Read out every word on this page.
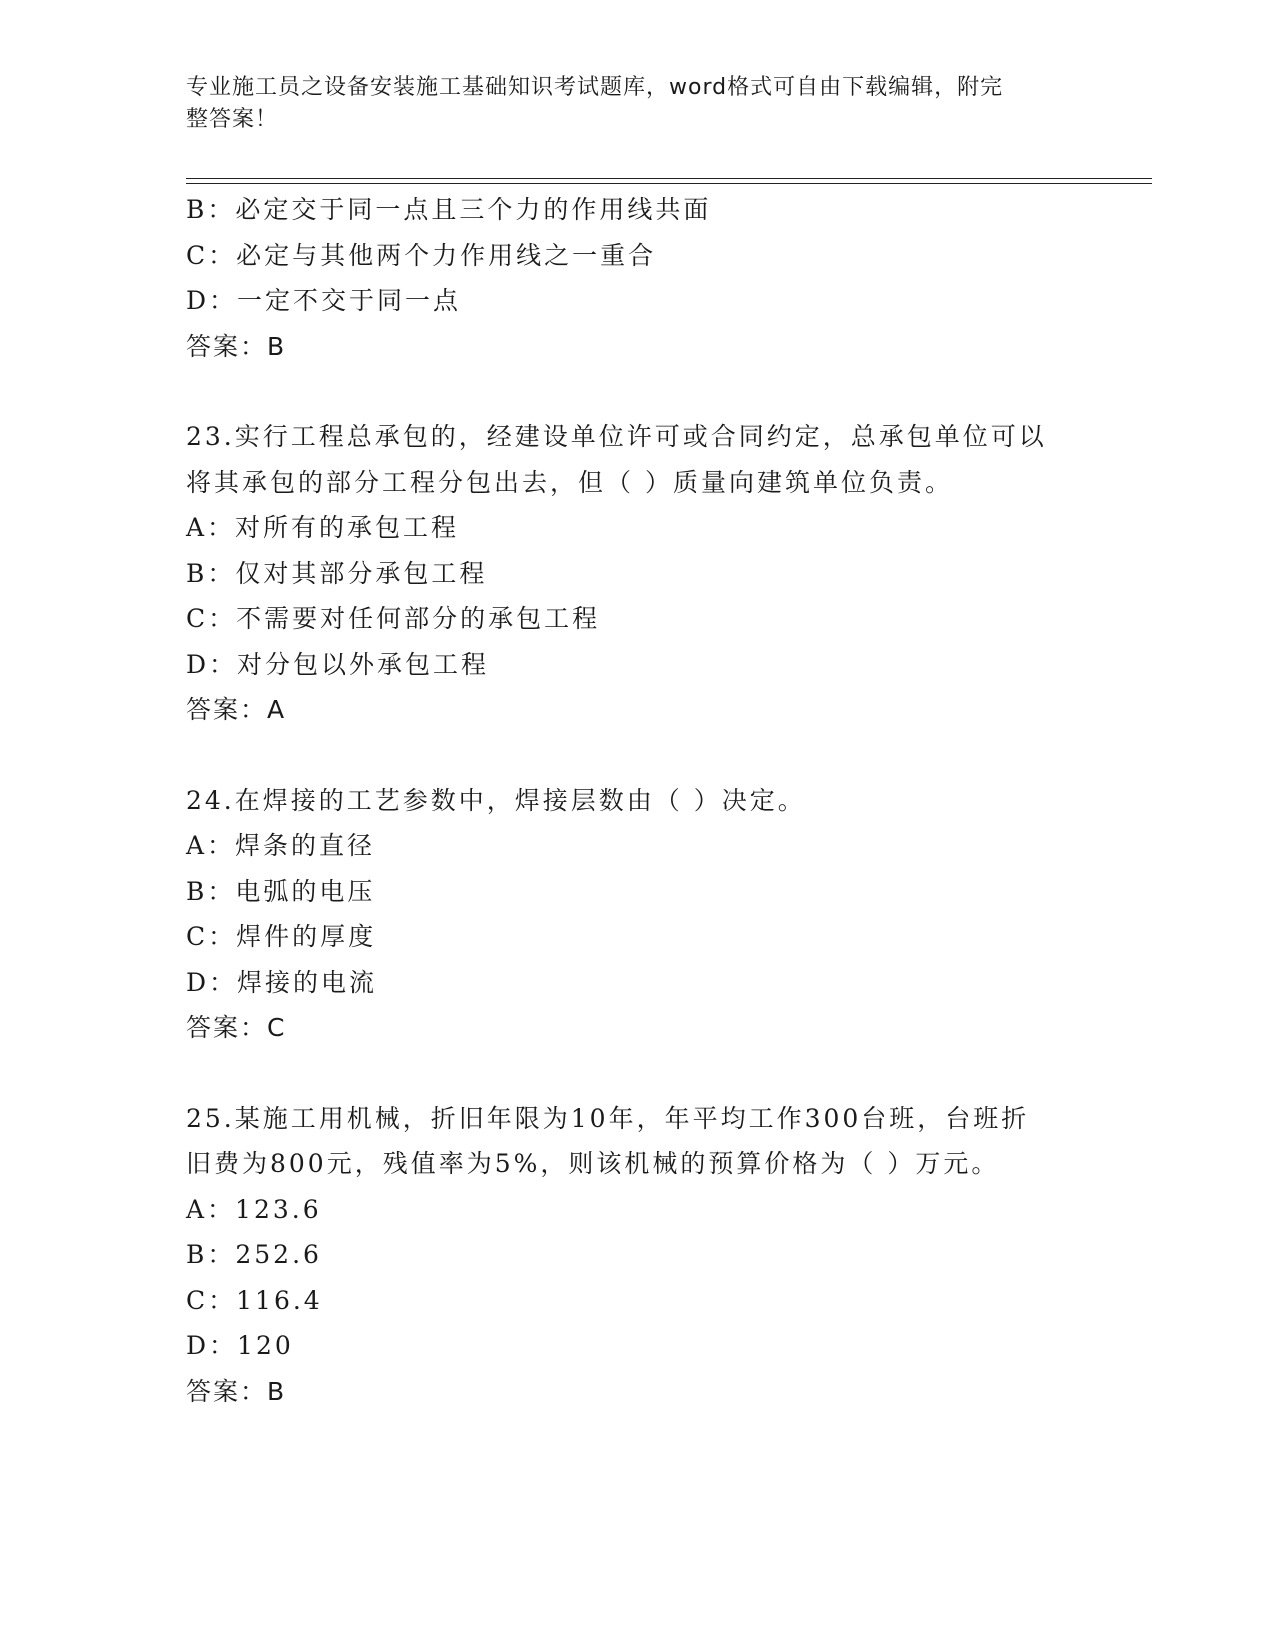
专业施工员之设备安装施工基础知识考试题库，word格式可自由下载编辑，附完
整答案！
B：必定交于同一点且三个力的作用线共面
C：必定与其他两个力作用线之一重合
D：一定不交于同一点
答案：B
23.实行工程总承包的，经建设单位许可或合同约定，总承包单位可以
将其承包的部分工程分包出去，但（ ）质量向建筑单位负责。
A：对所有的承包工程
B：仅对其部分承包工程
C：不需要对任何部分的承包工程
D：对分包以外承包工程
答案：A
24.在焊接的工艺参数中，焊接层数由（ ）决定。
A：焊条的直径
B：电弧的电压
C：焊件的厚度
D：焊接的电流
答案：C
25.某施工用机械，折旧年限为10年，年平均工作300台班，台班折
旧费为800元，残值率为5%，则该机械的预算价格为（ ）万元。
A：123.6
B：252.6
C：116.4
D：120
答案：B
